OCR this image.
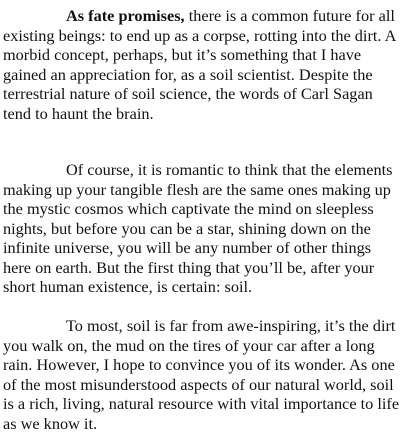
As fate promises, there is a common future for all existing beings: to end up as a corpse, rotting into the dirt. A morbid concept, perhaps, but it’s something that I have gained an appreciation for, as a soil scientist. Despite the terrestrial nature of soil science, the words of Carl Sagan tend to haunt the brain.

Of course, it is romantic to think that the elements making up your tangible flesh are the same ones making up the mystic cosmos which captivate the mind on sleepless nights, but before you can be a star, shining down on the infinite universe, you will be any number of other things here on earth. But the first thing that you’ll be, after your short human existence, is certain: soil.

To most, soil is far from awe-inspiring, it’s the dirt you walk on, the mud on the tires of your car after a long rain. However, I hope to convince you of its wonder. As one of the most misunderstood aspects of our natural world, soil is a rich, living, natural resource with vital importance to life as we know it.
